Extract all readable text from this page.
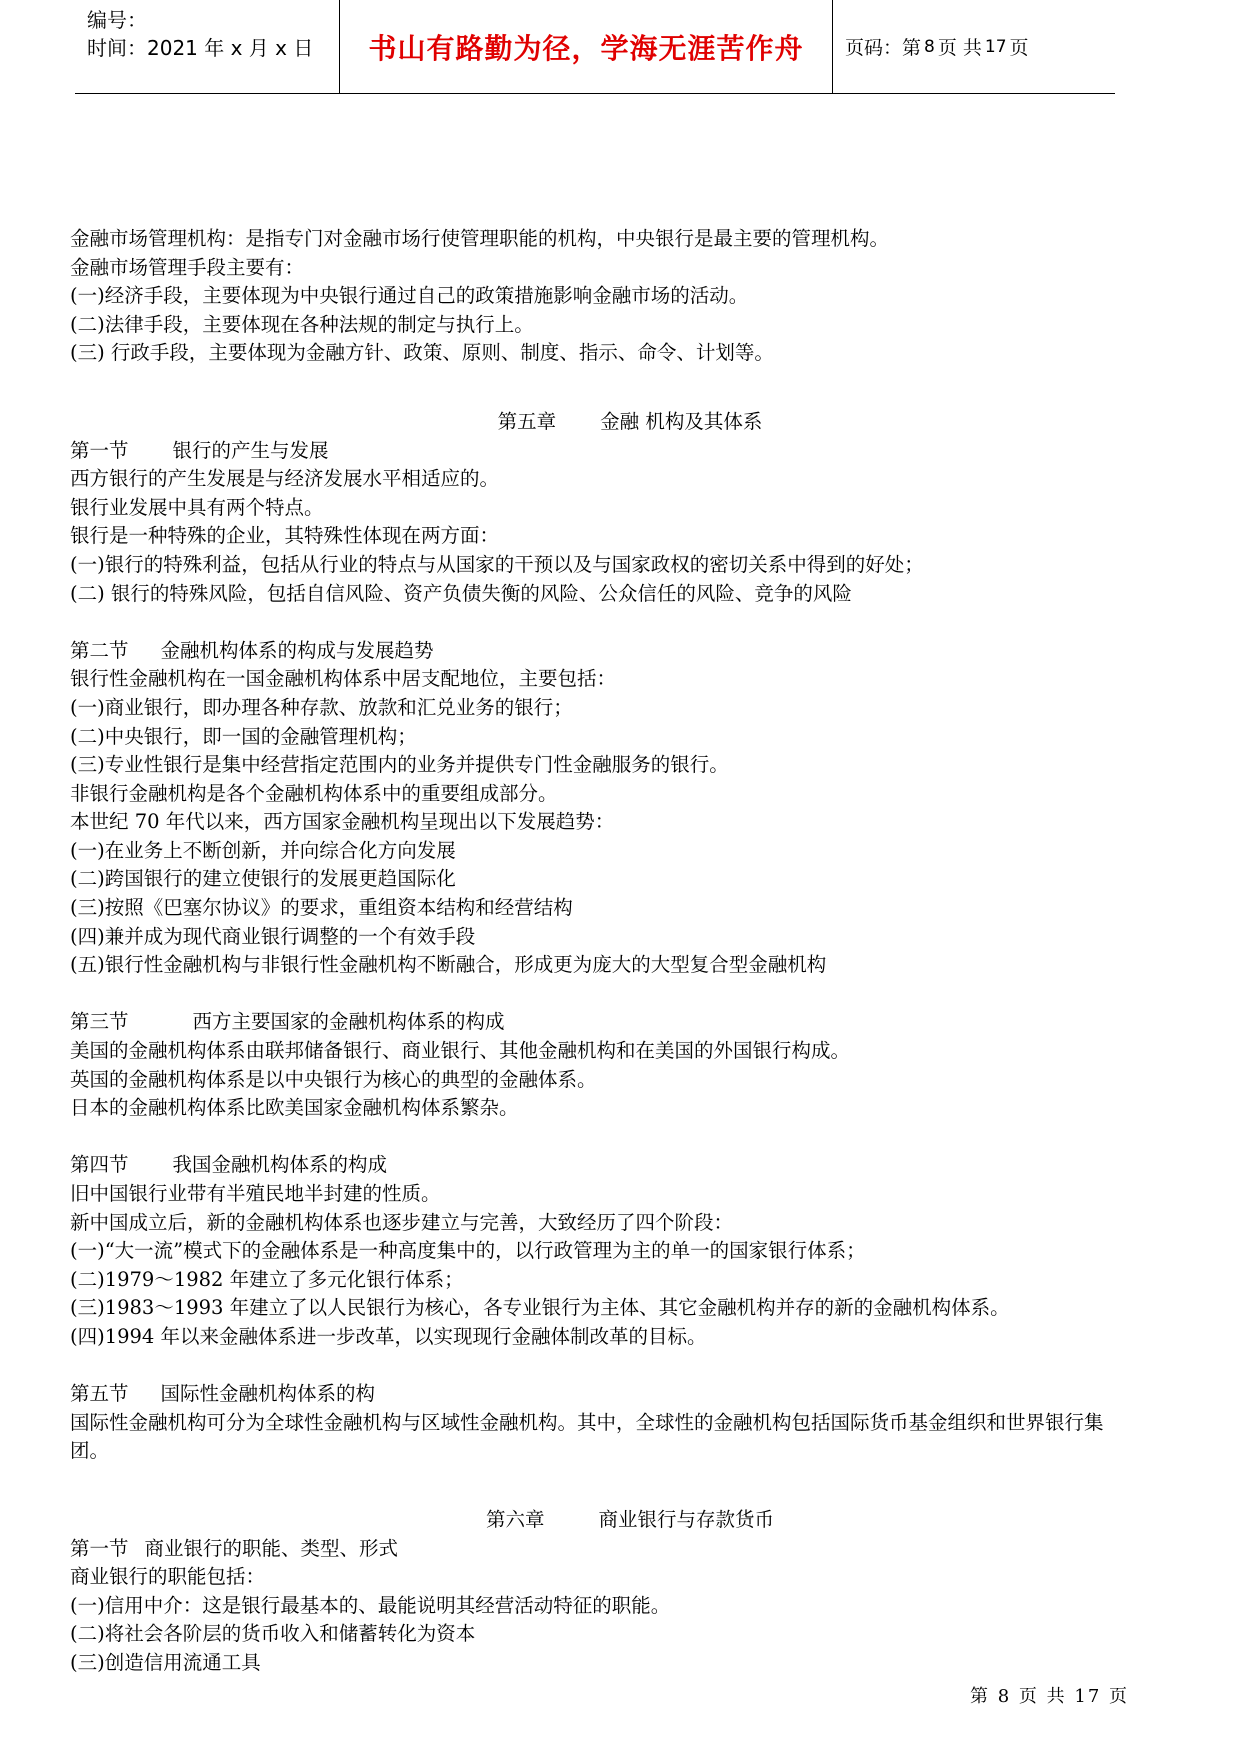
编号：
时间：2021 年 x 月 x 日	书山有路勤为径，学海无涯苦作舟 页码：第 8 页 共 17 页
金融市场管理机构：是指专门对金融市场行使管理职能的机构，中央银行是最主要的管理机构。
金融市场管理手段主要有：
(一)经济手段，主要体现为中央银行通过自己的政策措施影响金融市场的活动。
(二)法律手段，主要体现在各种法规的制定与执行上。
(三) 行政手段，主要体现为金融方针、政策、原则、制度、指示、命令、计划等。
第五章 金融 机构及其体系
第一节 银行的产生与发展
西方银行的产生发展是与经济发展水平相适应的。
银行业发展中具有两个特点。
银行是一种特殊的企业，其特殊性体现在两方面：
(一)银行的特殊利益，包括从行业的特点与从国家的干预以及与国家政权的密切关系中得到的好处；
(二) 银行的特殊风险，包括自信风险、资产负债失衡的风险、公众信任的风险、竞争的风险
第二节 金融机构体系的构成与发展趋势
银行性金融机构在一国金融机构体系中居支配地位，主要包括：
(一)商业银行，即办理各种存款、放款和汇兑业务的银行；
(二)中央银行，即一国的金融管理机构；
(三)专业性银行是集中经营指定范围内的业务并提供专门性金融服务的银行。
非银行金融机构是各个金融机构体系中的重要组成部分。
本世纪 70 年代以来，西方国家金融机构呈现出以下发展趋势：
(一)在业务上不断创新，并向综合化方向发展
(二)跨国银行的建立使银行的发展更趋国际化
(三)按照《巴塞尔协议》的要求，重组资本结构和经营结构
(四)兼并成为现代商业银行调整的一个有效手段
(五)银行性金融机构与非银行性金融机构不断融合，形成更为庞大的大型复合型金融机构
第三节	西方主要国家的金融机构体系的构成
美国的金融机构体系由联邦储备银行、商业银行、其他金融机构和在美国的外国银行构成。
英国的金融机构体系是以中央银行为核心的典型的金融体系。
日本的金融机构体系比欧美国家金融机构体系繁杂。
第四节 我国金融机构体系的构成
旧中国银行业带有半殖民地半封建的性质。
新中国成立后，新的金融机构体系也逐步建立与完善，大致经历了四个阶段：
(一)“大一流”模式下的金融体系是一种高度集中的，以行政管理为主的单一的国家银行体系；
(二)1979～1982 年建立了多元化银行体系；
(三)1983～1993 年建立了以人民银行为核心，各专业银行为主体、其它金融机构并存的新的金融机构体系。
(四)1994 年以来金融体系进一步改革，以实现现行金融体制改革的目标。
第五节 国际性金融机构体系的构
国际性金融机构可分为全球性金融机构与区域性金融机构。其中，全球性的金融机构包括国际货币基金组织和世界银行集团。
第六章	商业银行与存款货币
第一节 商业银行的职能、类型、形式
商业银行的职能包括：
(一)信用中介：这是银行最基本的、最能说明其经营活动特征的职能。
(二)将社会各阶层的货币收入和储蓄转化为资本
(三)创造信用流通工具
第 8 页 共 17 页
